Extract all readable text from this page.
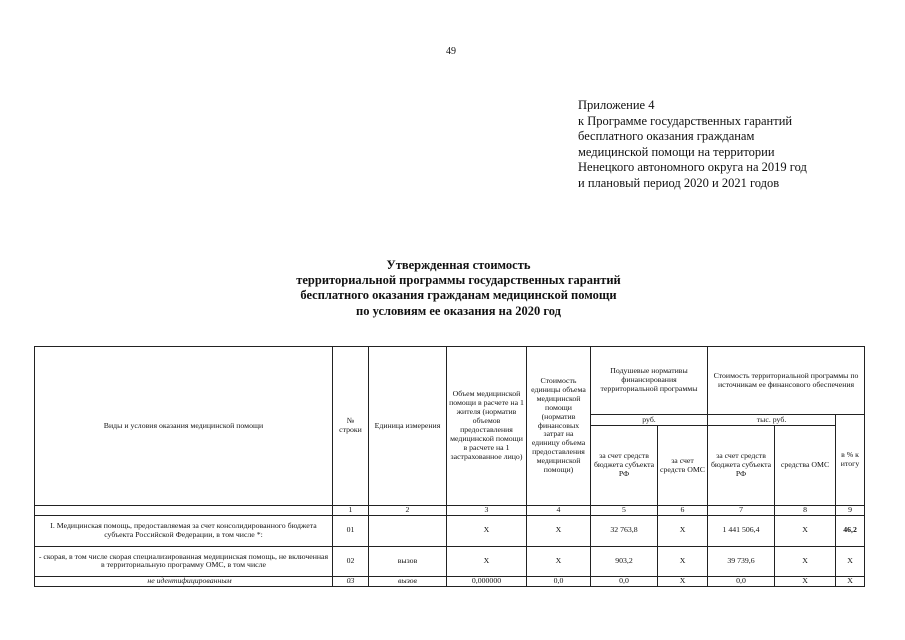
49
Приложение 4
к Программе государственных гарантий
бесплатного оказания гражданам
медицинской помощи на территории
Ненецкого автономного округа на 2019 год
и плановый период 2020 и 2021 годов
Утвержденная стоимость
территориальной программы государственных гарантий
бесплатного оказания гражданам медицинской помощи
по условиям ее оказания на 2020 год
Виды и условия оказания медицинской помощи	№ строки	Единица измерения	Объем медицинской помощи в расчете на 1 жителя (норматив объемов предоставления медицинской помощи в расчете на 1 застрахованное лицо)	Стоимость единицы объема медицинской помощи (норматив финансовых затрат на единицу объема предоставления медицинской помощи)	Подушевые нормативы финансирования территориальной программы		Стоимость территориальной программы по источникам ее финансового обеспечения		
					руб.		тыс. руб.		в % к итогу
					за счет средств бюджета субъекта РФ	за счет средств ОМС	за счет средств бюджета субъекта РФ	средства ОМС	
	1	2	3	4	5	6	7	8	9
I. Медицинская помощь, предоставляемая за счет консолидированного бюджета субъекта Российской Федерации, в том числе *:	01		Х	Х	32 763,8	Х	1 441 506,4	Х	46,2
- скорая, в том числе скорая специализированная медицинская помощь, не включенная в территориальную программу ОМС, в том числе	02	вызов	Х	Х	903,2	Х	39 739,6	Х	Х
не идентифицированным	03	вызов	0,000000	0,0	0,0	Х	0,0	Х	Х
